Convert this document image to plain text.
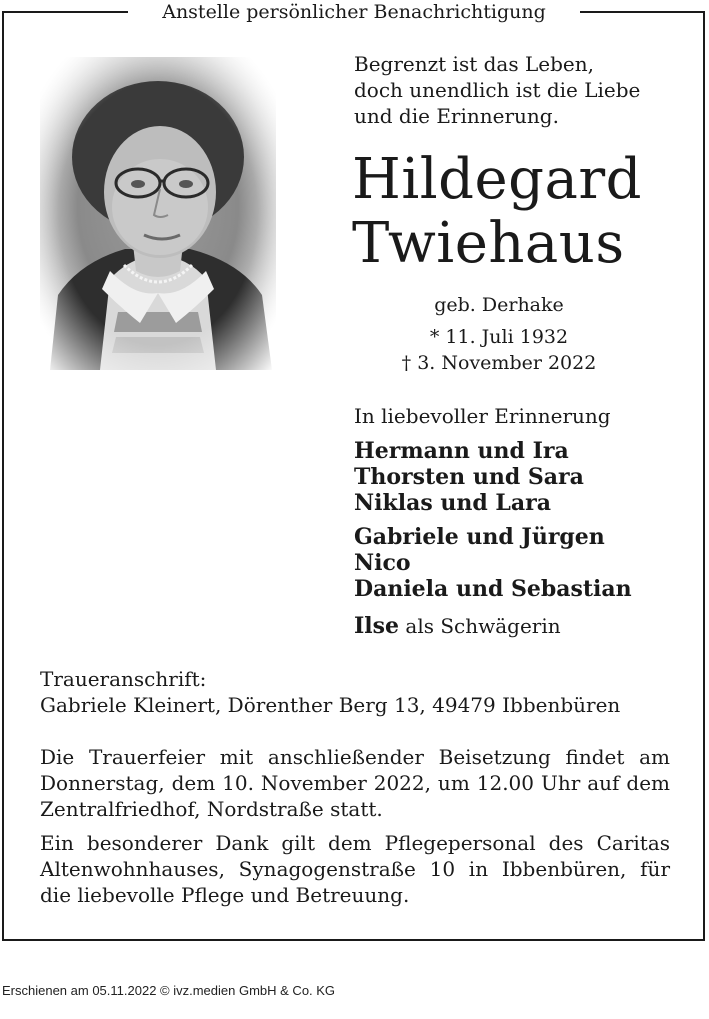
Anstelle persönlicher Benachrichtigung
Begrenzt ist das Leben,
doch unendlich ist die Liebe
und die Erinnerung.
Hildegard
Twiehaus
geb. Derhake
* 11. Juli 1932
† 3. November 2022
In liebevoller Erinnerung
Hermann und Ira
Thorsten und Sara
Niklas und Lara
Gabriele und Jürgen
Nico
Daniela und Sebastian
Ilse als Schwägerin
Traueranschrift:
Gabriele Kleinert, Dörenther Berg 13, 49479 Ibbenbüren
Die Trauerfeier mit anschließender Beisetzung findet am Donnerstag, dem 10. November 2022, um 12.00 Uhr auf dem Zentralfriedhof, Nordstraße statt.
Ein besonderer Dank gilt dem Pflegepersonal des Caritas Altenwohnhauses, Synagogenstraße 10 in Ibbenbüren, für die liebevolle Pflege und Betreuung.
Erschienen am 05.11.2022 © ivz.medien GmbH & Co. KG
